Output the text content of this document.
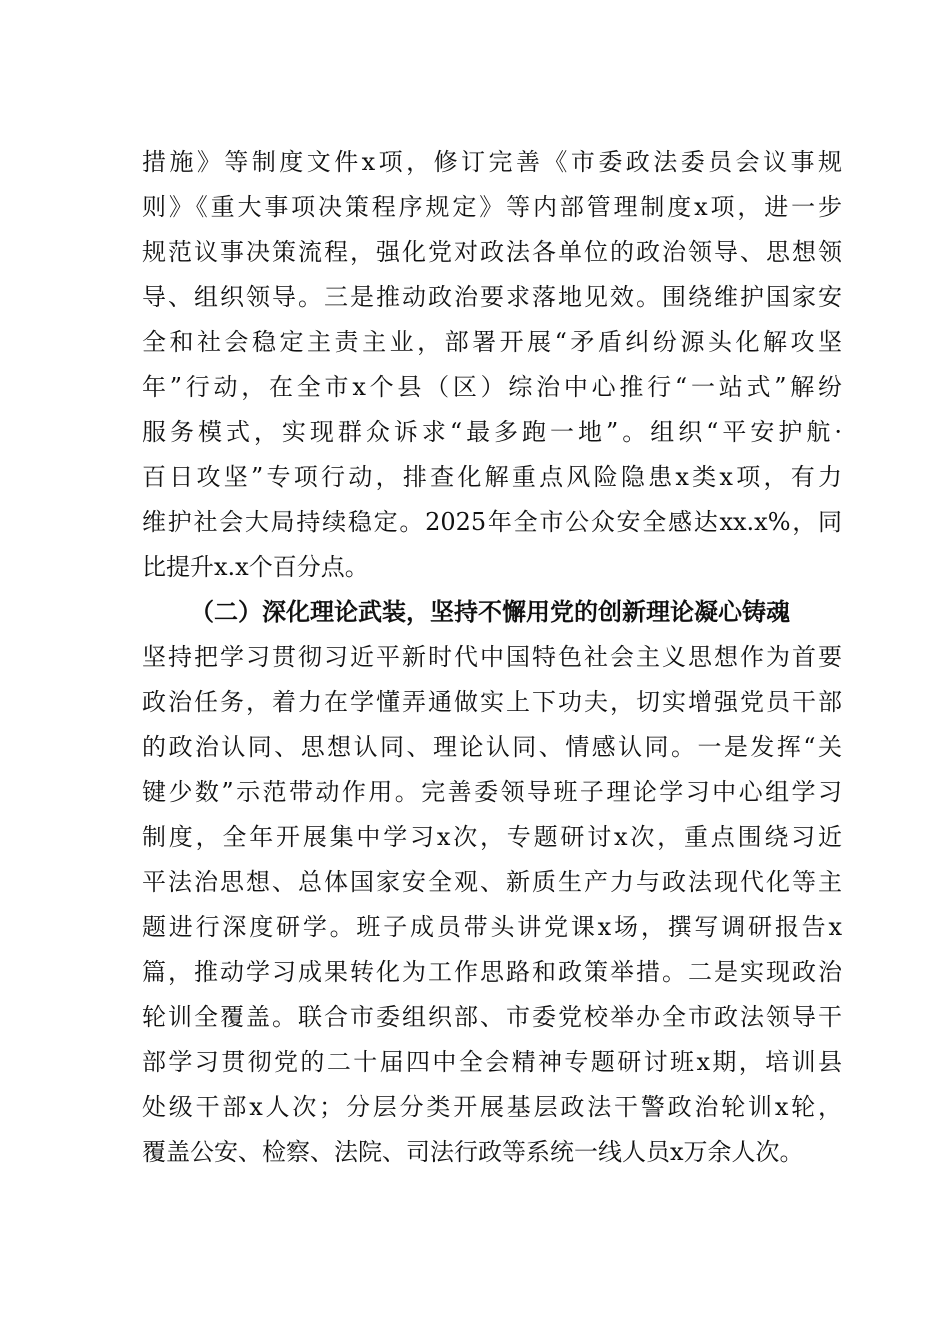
措施》等制度文件x项，修订完善《市委政法委员会议事规
则》《重大事项决策程序规定》等内部管理制度x项，进一步
规范议事决策流程，强化党对政法各单位的政治领导、思想领
导、组织领导。三是推动政治要求落地见效。围绕维护国家安
全和社会稳定主责主业，部署开展“矛盾纠纷源头化解攻坚
年”行动，在全市x个县（区）综治中心推行“一站式”解纷
服务模式，实现群众诉求“最多跑一地”。组织“平安护航·
百日攻坚”专项行动，排查化解重点风险隐患x类x项，有力
维护社会大局持续稳定。2025年全市公众安全感达xx.x%，同
比提升x.x个百分点。
（二）深化理论武装，坚持不懈用党的创新理论凝心铸魂
坚持把学习贯彻习近平新时代中国特色社会主义思想作为首要
政治任务，着力在学懂弄通做实上下功夫，切实增强党员干部
的政治认同、思想认同、理论认同、情感认同。一是发挥“关
键少数”示范带动作用。完善委领导班子理论学习中心组学习
制度，全年开展集中学习x次，专题研讨x次，重点围绕习近
平法治思想、总体国家安全观、新质生产力与政法现代化等主
题进行深度研学。班子成员带头讲党课x场，撰写调研报告x
篇，推动学习成果转化为工作思路和政策举措。二是实现政治
轮训全覆盖。联合市委组织部、市委党校举办全市政法领导干
部学习贯彻党的二十届四中全会精神专题研讨班x期，培训县
处级干部x人次；分层分类开展基层政法干警政治轮训x轮，
覆盖公安、检察、法院、司法行政等系统一线人员x万余人次。
